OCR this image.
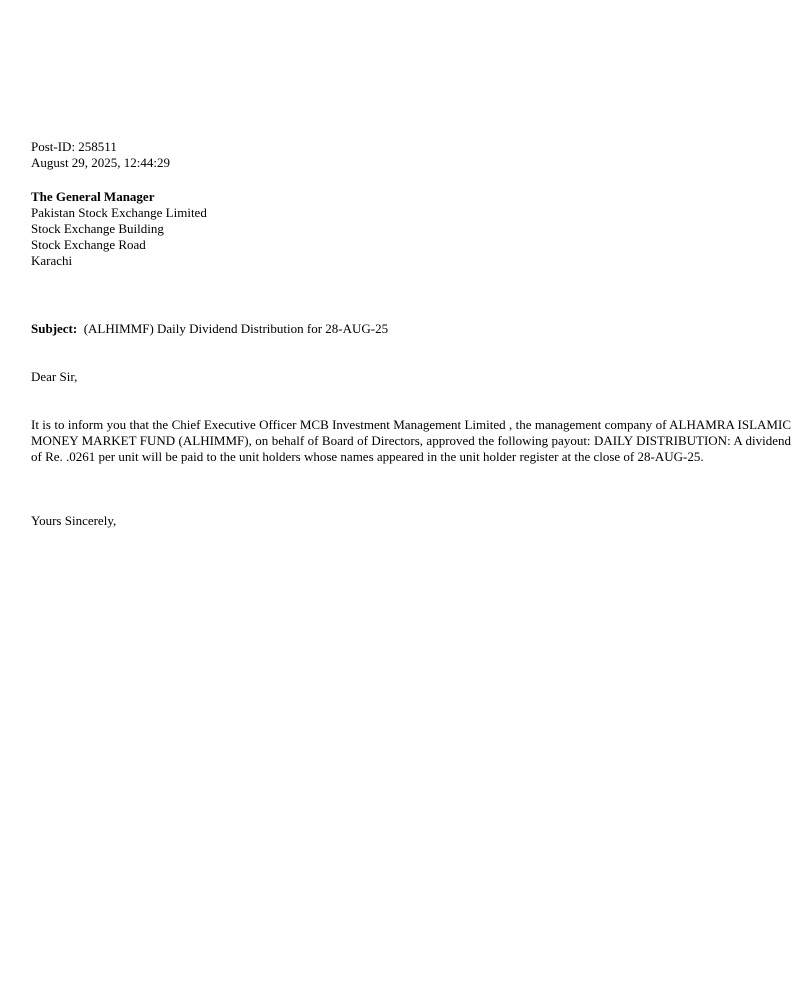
Post-ID: 258511

August 29, 2025, 12:44:29

The General Manager

Pakistan Stock Exchange Limited

Stock Exchange Building

Stock Exchange Road

Karachi

Subject: (ALHIMMF) Daily Dividend Distribution for 28-AUG-25

Dear Sir,

It is to inform you that the Chief Executive Officer MCB Investment Management Limited , the management company of ALHAMRA ISLAMIC MONEY MARKET FUND (ALHIMMF), on behalf of Board of Directors, approved the following payout: DAILY DISTRIBUTION: A dividend of Re. .0261 per unit will be paid to the unit holders whose names appeared in the unit holder register at the close of 28-AUG-25.

Yours Sincerely,
